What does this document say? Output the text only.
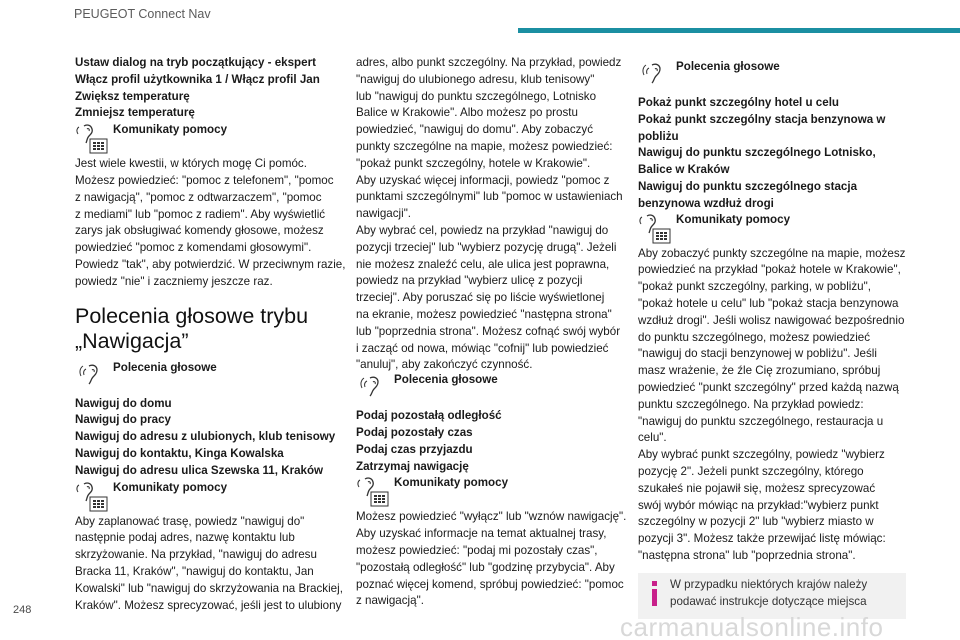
PEUGEOT Connect Nav
Ustaw dialog na tryb początkujący - ekspert
Włącz profil użytkownika 1 / Włącz profil Jan
Zwiększ temperaturę
Zmniejsz temperaturę
Komunikaty pomocy
Jest wiele kwestii, w których mogę Ci pomóc.
Możesz powiedzieć: "pomoc z telefonem", "pomoc
z nawigacją", "pomoc z odtwarzaczem", "pomoc
z mediami" lub "pomoc z radiem". Aby wyświetlić
zarys jak obsługiwać komendy głosowe, możesz
powiedzieć "pomoc z komendami głosowymi".
Powiedz "tak", aby potwierdzić. W przeciwnym razie,
powiedz "nie" i zaczniemy jeszcze raz.
Polecenia głosowe trybu
„Nawigacja”
Polecenia głosowe
Nawiguj do domu
Nawiguj do pracy
Nawiguj do adresu z ulubionych, klub tenisowy
Nawiguj do kontaktu, Kinga Kowalska
Nawiguj do adresu ulica Szewska 11, Kraków
Komunikaty pomocy
Aby zaplanować trasę, powiedz "nawiguj do"
następnie podaj adres, nazwę kontaktu lub
skrzyżowanie. Na przykład, "nawiguj do adresu
Bracka 11, Kraków", "nawiguj do kontaktu, Jan
Kowalski" lub "nawiguj do skrzyżowania na Brackiej,
Kraków". Możesz sprecyzować, jeśli jest to ulubiony
adres, albo punkt szczególny. Na przykład, powiedz
"nawiguj do ulubionego adresu, klub tenisowy"
lub "nawiguj do punktu szczególnego, Lotnisko
Balice w Krakowie". Albo możesz po prostu
powiedzieć, "nawiguj do domu". Aby zobaczyć
punkty szczególne na mapie, możesz powiedzieć:
"pokaż punkt szczególny, hotele w Krakowie".
Aby uzyskać więcej informacji, powiedz "pomoc z
punktami szczególnymi" lub "pomoc w ustawieniach
nawigacji".
Aby wybrać cel, powiedz na przykład "nawiguj do
pozycji trzeciej" lub "wybierz pozycję drugą". Jeżeli
nie możesz znaleźć celu, ale ulica jest poprawna,
powiedz na przykład "wybierz ulicę z pozycji
trzeciej". Aby poruszać się po liście wyświetlonej
na ekranie, możesz powiedzieć "następna strona"
lub "poprzednia strona". Możesz cofnąć swój wybór
i zacząć od nowa, mówiąc "cofnij" lub powiedzieć
"anuluj", aby zakończyć czynność.
Polecenia głosowe
Podaj pozostałą odległość
Podaj pozostały czas
Podaj czas przyjazdu
Zatrzymaj nawigację
Komunikaty pomocy
Możesz powiedzieć "wyłącz" lub "wznów nawigację".
Aby uzyskać informacje na temat aktualnej trasy,
możesz powiedzieć: "podaj mi pozostały czas",
"pozostałą odległość" lub "godzinę przybycia". Aby
poznać więcej komend, spróbuj powiedzieć: "pomoc
z nawigacją".
Polecenia głosowe
Pokaż punkt szczególny hotel u celu
Pokaż punkt szczególny stacja benzynowa w
pobliżu
Nawiguj do punktu szczególnego Lotnisko,
Balice w Kraków
Nawiguj do punktu szczególnego stacja
benzynowa wzdłuż drogi
Komunikaty pomocy
Aby zobaczyć punkty szczególne na mapie, możesz
powiedzieć na przykład "pokaż hotele w Krakowie",
"pokaż punkt szczególny, parking, w pobliżu",
"pokaż hotele u celu" lub "pokaż stacja benzynowa
wzdłuż drogi". Jeśli wolisz nawigować bezpośrednio
do punktu szczególnego, możesz powiedzieć
"nawiguj do stacji benzynowej w pobliżu". Jeśli
masz wrażenie, że źle Cię zrozumiano, spróbuj
powiedzieć "punkt szczególny" przed każdą nazwą
punktu szczególnego. Na przykład powiedz:
"nawiguj do punktu szczególnego, restauracja u
celu".
Aby wybrać punkt szczególny, powiedz "wybierz
pozycję 2". Jeżeli punkt szczególny, którego
szukałeś nie pojawił się, możesz sprecyzować
swój wybór mówiąc na przykład:"wybierz punkt
szczególny w pozycji 2" lub "wybierz miasto w
pozycji 3". Możesz także przewijać listę mówiąc:
"następna strona" lub "poprzednia strona".
W przypadku niektórych krajów należy
podawać instrukcje dotyczące miejsca
248
carmanualsonline.info
